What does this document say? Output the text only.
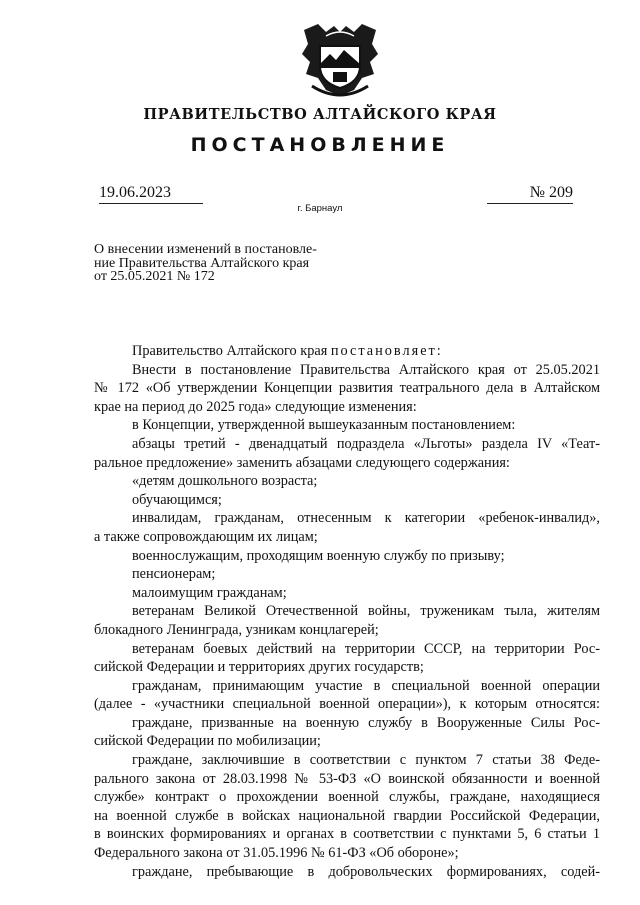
ПРАВИТЕЛЬСТВО АЛТАЙСКОГО КРАЯ
ПОСТАНОВЛЕНИЕ
19.06.2023	№ 209
г. Барнаул
О внесении изменений в постановле-
ние Правительства Алтайского края
от 25.05.2021 № 172
Правительство Алтайского края постановляет:
Внести в постановление Правительства Алтайского края от 25.05.2021
№ 172 «Об утверждении Концепции развития театрального дела в Алтайском
крае на период до 2025 года» следующие изменения:
в Концепции, утвержденной вышеуказанным постановлением:
абзацы третий - двенадцатый подраздела «Льготы» раздела IV «Теат-
ральное предложение» заменить абзацами следующего содержания:
«детям дошкольного возраста;
обучающимся;
инвалидам, гражданам, отнесенным к категории «ребенок-инвалид»,
а также сопровождающим их лицам;
военнослужащим, проходящим военную службу по призыву;
пенсионерам;
малоимущим гражданам;
ветеранам Великой Отечественной войны, труженикам тыла, жителям
блокадного Ленинграда, узникам концлагерей;
ветеранам боевых действий на территории СССР, на территории Рос-
сийской Федерации и территориях других государств;
гражданам, принимающим участие в специальной военной операции
(далее - «участники специальной военной операции»), к которым относятся:
граждане, призванные на военную службу в Вооруженные Силы Рос-
сийской Федерации по мобилизации;
граждане, заключившие в соответствии с пунктом 7 статьи 38 Феде-
рального закона от 28.03.1998 № 53-ФЗ «О воинской обязанности и военной
службе» контракт о прохождении военной службы, граждане, находящиеся
на военной службе в войсках национальной гвардии Российской Федерации,
в воинских формированиях и органах в соответствии с пунктами 5, 6 статьи 1
Федерального закона от 31.05.1996 № 61-ФЗ «Об обороне»;
граждане, пребывающие в добровольческих формированиях, содей-
